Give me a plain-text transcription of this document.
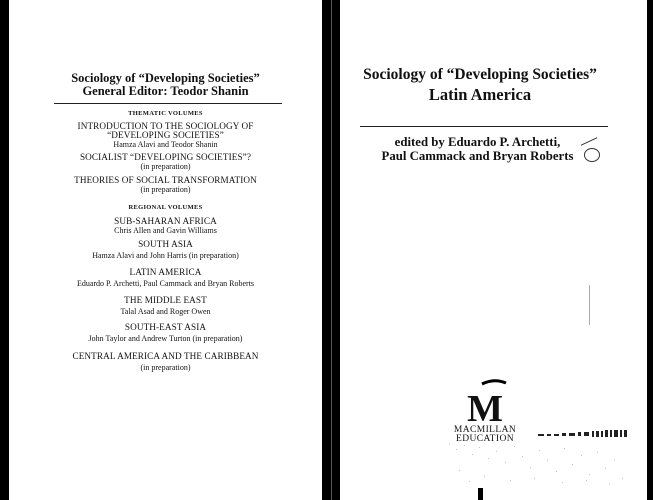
Sociology of “Developing Societies”
General Editor: Teodor Shanin
THEMATIC VOLUMES
INTRODUCTION TO THE SOCIOLOGY OF
“DEVELOPING SOCIETIES”
Hamza Alavi and Teodor Shanin
SOCIALIST “DEVELOPING SOCIETIES”?
(in preparation)
THEORIES OF SOCIAL TRANSFORMATION
(in preparation)
REGIONAL VOLUMES
SUB-SAHARAN AFRICA
Chris Allen and Gavin Williams
SOUTH ASIA
Hamza Alavi and John Harris (in preparation)
LATIN AMERICA
Eduardo P. Archetti, Paul Cammack and Bryan Roberts
THE MIDDLE EAST
Talal Asad and Roger Owen
SOUTH-EAST ASIA
John Taylor and Andrew Turton (in preparation)
CENTRAL AMERICA AND THE CARIBBEAN
(in preparation)
Sociology of “Developing Societies”
Latin America
edited by Eduardo P. Archetti,
Paul Cammack and Bryan Roberts
M
MACMILLAN
EDUCATION
